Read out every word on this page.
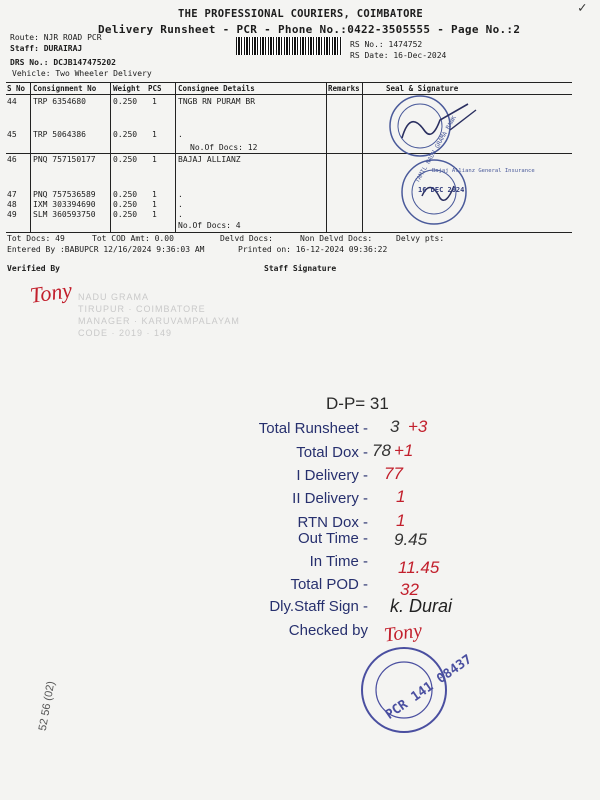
THE PROFESSIONAL COURIERS, COIMBATORE
Delivery Runsheet - PCR - Phone No.:0422-3505555 - Page No.:2
✓
Route: NJR ROAD PCR
Staff: DURAIRAJ
DRS No.: DCJB147475202
Vehicle: Two Wheeler Delivery
RS No.: 1474752
RS Date: 16-Dec-2024
S No Consignment No Weight PCS Consignee Details	Remarks	Seal & Signature
44 TRP 6354680	0.250 1	TNGB RN PURAM BR
45 TRP 5064386	0.250 1	.
No.Of Docs: 12
46 PNQ 757150177 0.250 1	BAJAJ ALLIANZ
47 PNQ 757536589 0.250 1	.
48 IXM 303394690 0.250 1	.
49 SLM 360593750 0.250 1	.
No.Of Docs: 4
TAMIL NADU GRAMA BANK
16 DEC 2024
Bajaj Allianz General Insurance
Tot Docs: 49	Tot COD Amt: 0.00	Delvd Docs:	Non Delvd Docs:	Delvy pts:
Entered By :BABUPCR 12/16/2024 9:36:03 AM	Printed on: 16-12-2024 09:36:22
Verified By	Staff Signature
Tony NADU GRAMA
TIRUPUR · COIMBATORE
MANAGER · KARUVAMPALAYAM
CODE · 2019 · 149
D-P= 31
Total Runsheet - 3 +3
Total Dox - 78 +1
I Delivery - 77
II Delivery - 1
RTN Dox - 1
Out Time - 9.45
In Time - 11.45
Total POD - 32
Dly.Staff Sign - k. Durai
Checked by Tony
PCR 141 08437
52 56 (02)
